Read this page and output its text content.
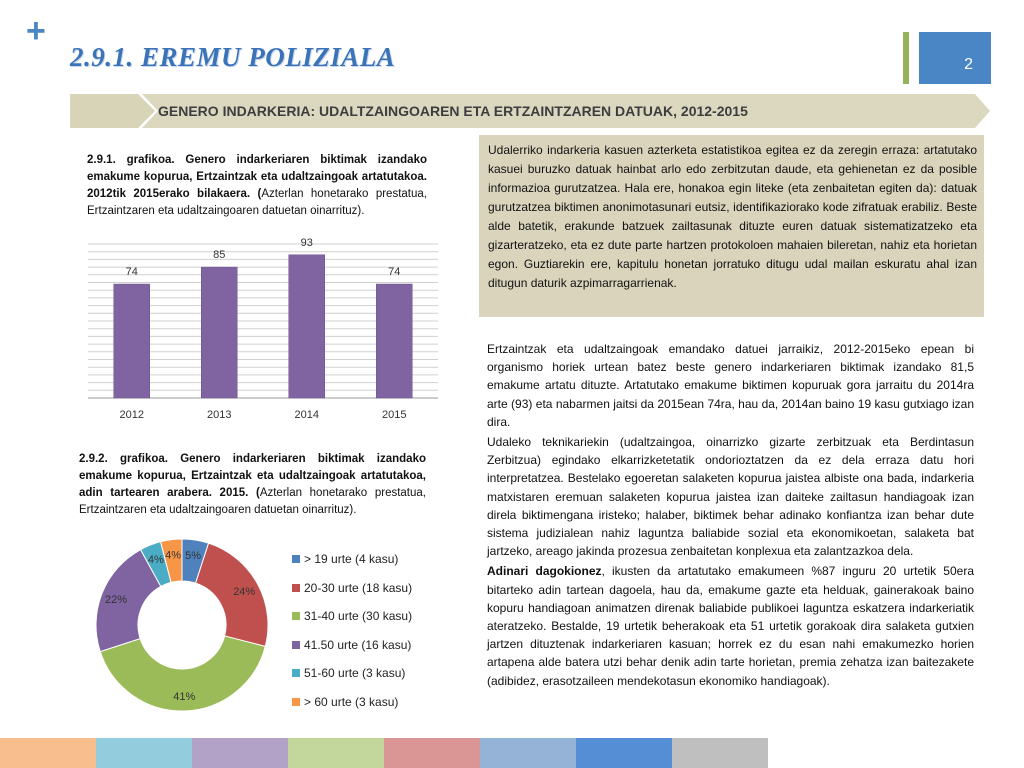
+
2.9.1. EREMU POLIZIALA	2
GENERO INDARKERIA: UDALTZAINGOAREN ETA ERTZAINTZAREN DATUAK, 2012-2015
2.9.1. grafikoa. Genero indarkeriaren biktimak izandako emakume kopurua, Ertzaintzak eta udaltzaingoak artatutakoa. 2012tik 2015erako bilakaera. (Azterlan honetarako prestatua, Ertzaintzaren eta udaltzaingoaren datuetan oinarrituz).
74
2012
85
2013
93
2014
74
2015
2.9.2. grafikoa. Genero indarkeriaren biktimak izandako emakume kopurua, Ertzaintzak eta udaltzaingoak artatutakoa, adin tartearen arabera. 2015. (Azterlan honetarako prestatua, Ertzaintzaren eta udaltzaingoaren datuetan oinarrituz).
5%
24%
41%
22%
4% 4%	> 19 urte (4 kasu)
20-30 urte (18 kasu)
31-40 urte (30 kasu)
41.50 urte (16 kasu)
51-60 urte (3 kasu)
> 60 urte (3 kasu)

Udalerriko indarkeria kasuen azterketa estatistikoa egitea ez da zeregin erraza: artatutako kasuei buruzko datuak hainbat arlo edo zerbitzutan daude, eta gehienetan ez da posible informazioa gurutzatzea. Hala ere, honakoa egin liteke (eta zenbaitetan egiten da): datuak gurutzatzea biktimen anonimotasunari eutsiz, identifikaziorako kode zifratuak erabiliz. Beste alde batetik, erakunde batzuek zailtasunak dituzte euren datuak sistematizatzeko eta gizarteratzeko, eta ez dute parte hartzen protokoloen mahaien bileretan, nahiz eta horietan egon. Guztiarekin ere, kapitulu honetan jorratuko ditugu udal mailan eskuratu ahal izan ditugun daturik azpimarragarrienak.

Ertzaintzak eta udaltzaingoak emandako datuei jarraikiz, 2012-2015eko epean bi organismo horiek urtean batez beste genero indarkeriaren biktimak izandako 81,5 emakume artatu dituzte. Artatutako emakume biktimen kopuruak gora jarraitu du 2014ra arte (93) eta nabarmen jaitsi da 2015ean 74ra, hau da, 2014an baino 19 kasu gutxiago izan dira.

Udaleko teknikariekin (udaltzaingoa, oinarrizko gizarte zerbitzuak eta Berdintasun Zerbitzua) egindako elkarrizketetatik ondorioztatzen da ez dela erraza datu hori interpretatzea. Bestelako egoeretan salaketen kopurua jaistea albiste ona bada, indarkeria matxistaren eremuan salaketen kopurua jaistea izan daiteke zailtasun handiagoak izan direla biktimengana iristeko; halaber, biktimek behar adinako konfiantza izan behar dute sistema judizialean nahiz laguntza baliabide sozial eta ekonomikoetan, salaketa bat jartzeko, areago jakinda prozesua zenbaitetan konplexua eta zalantzazkoa dela.

Adinari dagokionez, ikusten da artatutako emakumeen %87 inguru 20 urtetik 50era bitarteko adin tartean dagoela, hau da, emakume gazte eta helduak, gainerakoak baino kopuru handiagoan animatzen direnak baliabide publikoei laguntza eskatzera indarkeriatik ateratzeko. Bestalde, 19 urtetik beherakoak eta 51 urtetik gorakoak dira salaketa gutxien jartzen dituztenak indarkeriaren kasuan; horrek ez du esan nahi emakumezko horien artapena alde batera utzi behar denik adin tarte horietan, premia zehatza izan baitezakete (adibidez, erasotzaileen mendekotasun ekonomiko handiagoak).
